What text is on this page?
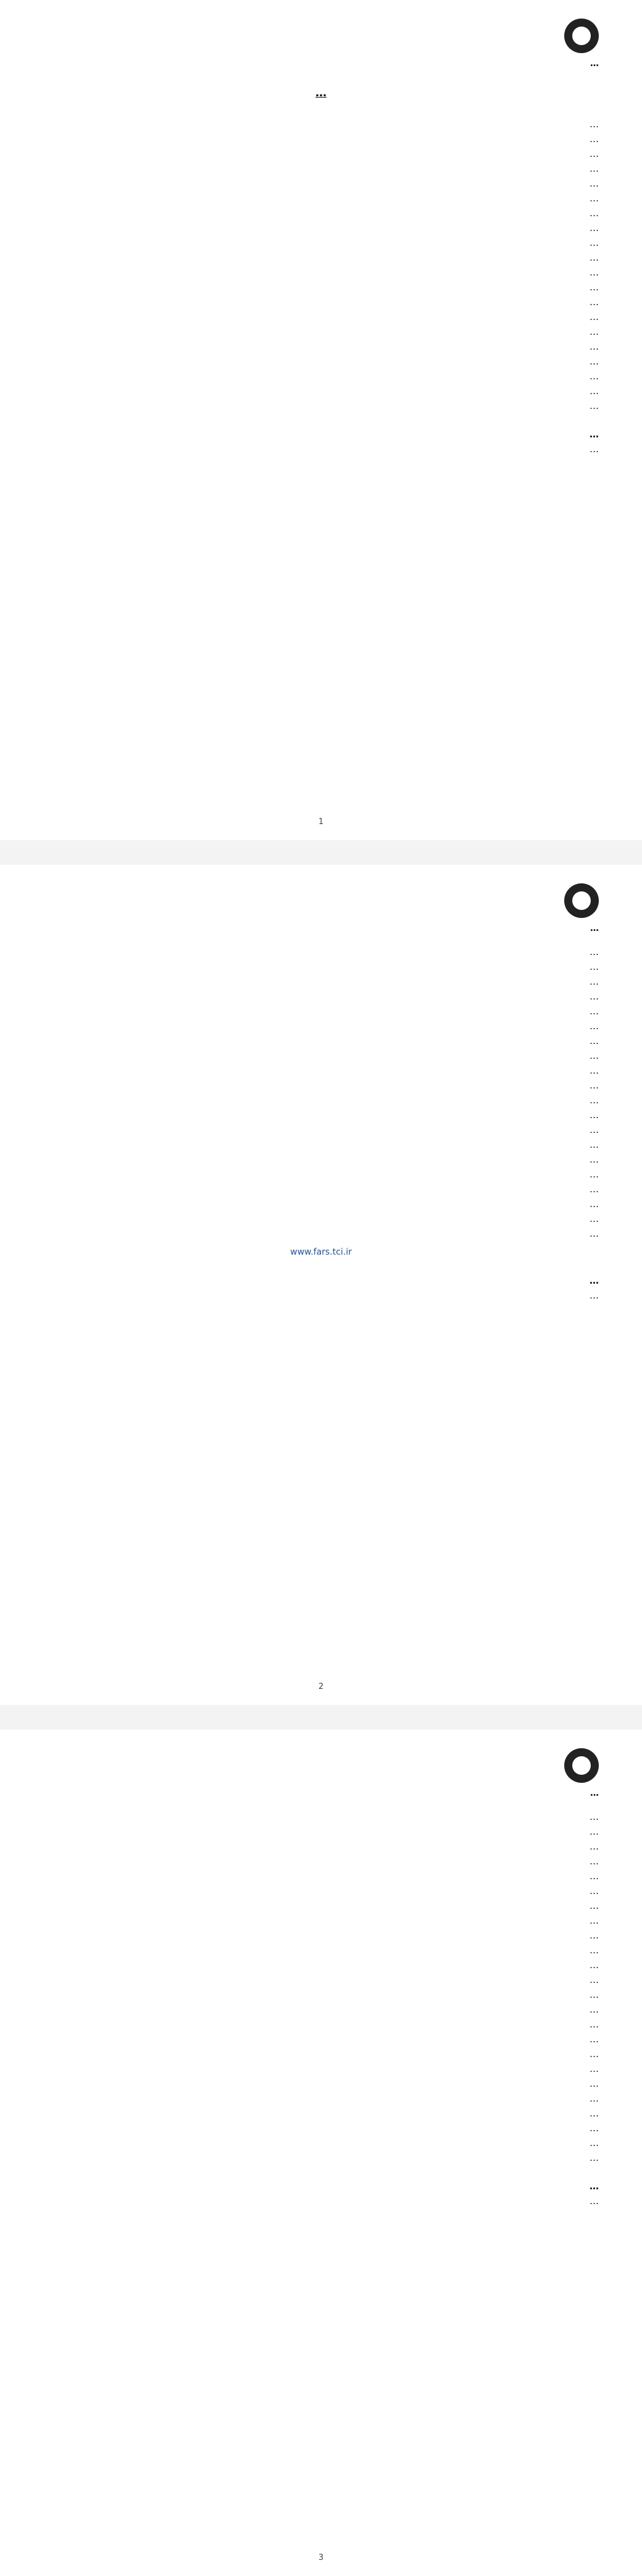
…
…
…
…
…
…
…
…
…
…
…
…
…
…
…
…
…
…
…
…
…
…
…
…
1
…
…
…
…
…
…
…
…
…
…
…
…
…
…
…
…
…
…
…
…
…
www.fars.tci.ir
…
…
2
…
…
…
…
…
…
…
…
…
…
…
…
…
…
…
…
…
…
…
…
…
…
…
…
…
…
…
3
